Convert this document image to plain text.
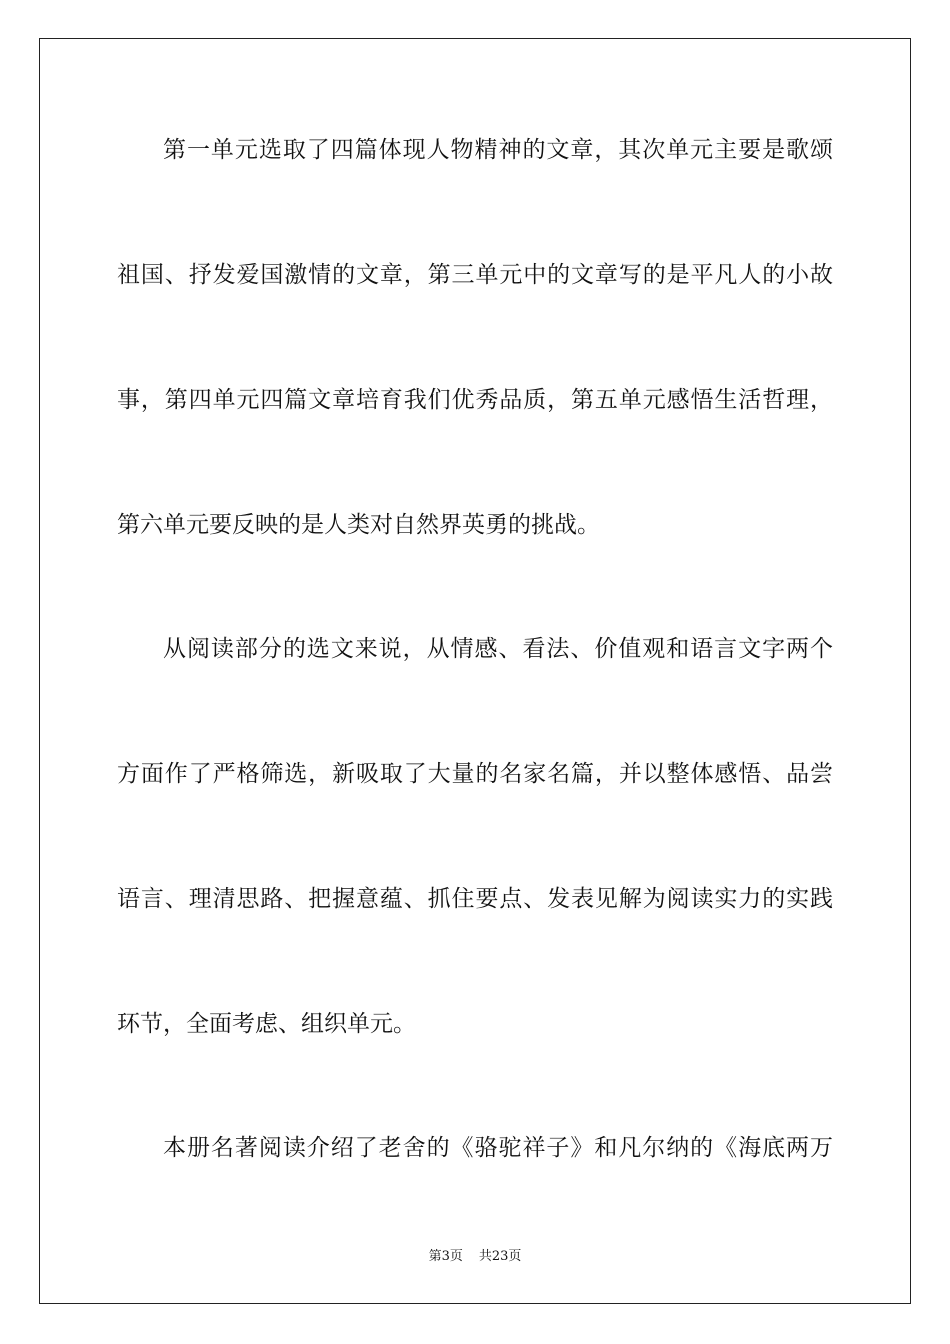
第一单元选取了四篇体现人物精神的文章，其次单元主要是歌颂
祖国、抒发爱国激情的文章，第三单元中的文章写的是平凡人的小故
事，第四单元四篇文章培育我们优秀品质，第五单元感悟生活哲理，
第六单元要反映的是人类对自然界英勇的挑战。
从阅读部分的选文来说，从情感、看法、价值观和语言文字两个
方面作了严格筛选，新吸取了大量的名家名篇，并以整体感悟、品尝
语言、理清思路、把握意蕴、抓住要点、发表见解为阅读实力的实践
环节，全面考虑、组织单元。
本册名著阅读介绍了老舍的《骆驼祥子》和凡尔纳的《海底两万
第3页 共23页
